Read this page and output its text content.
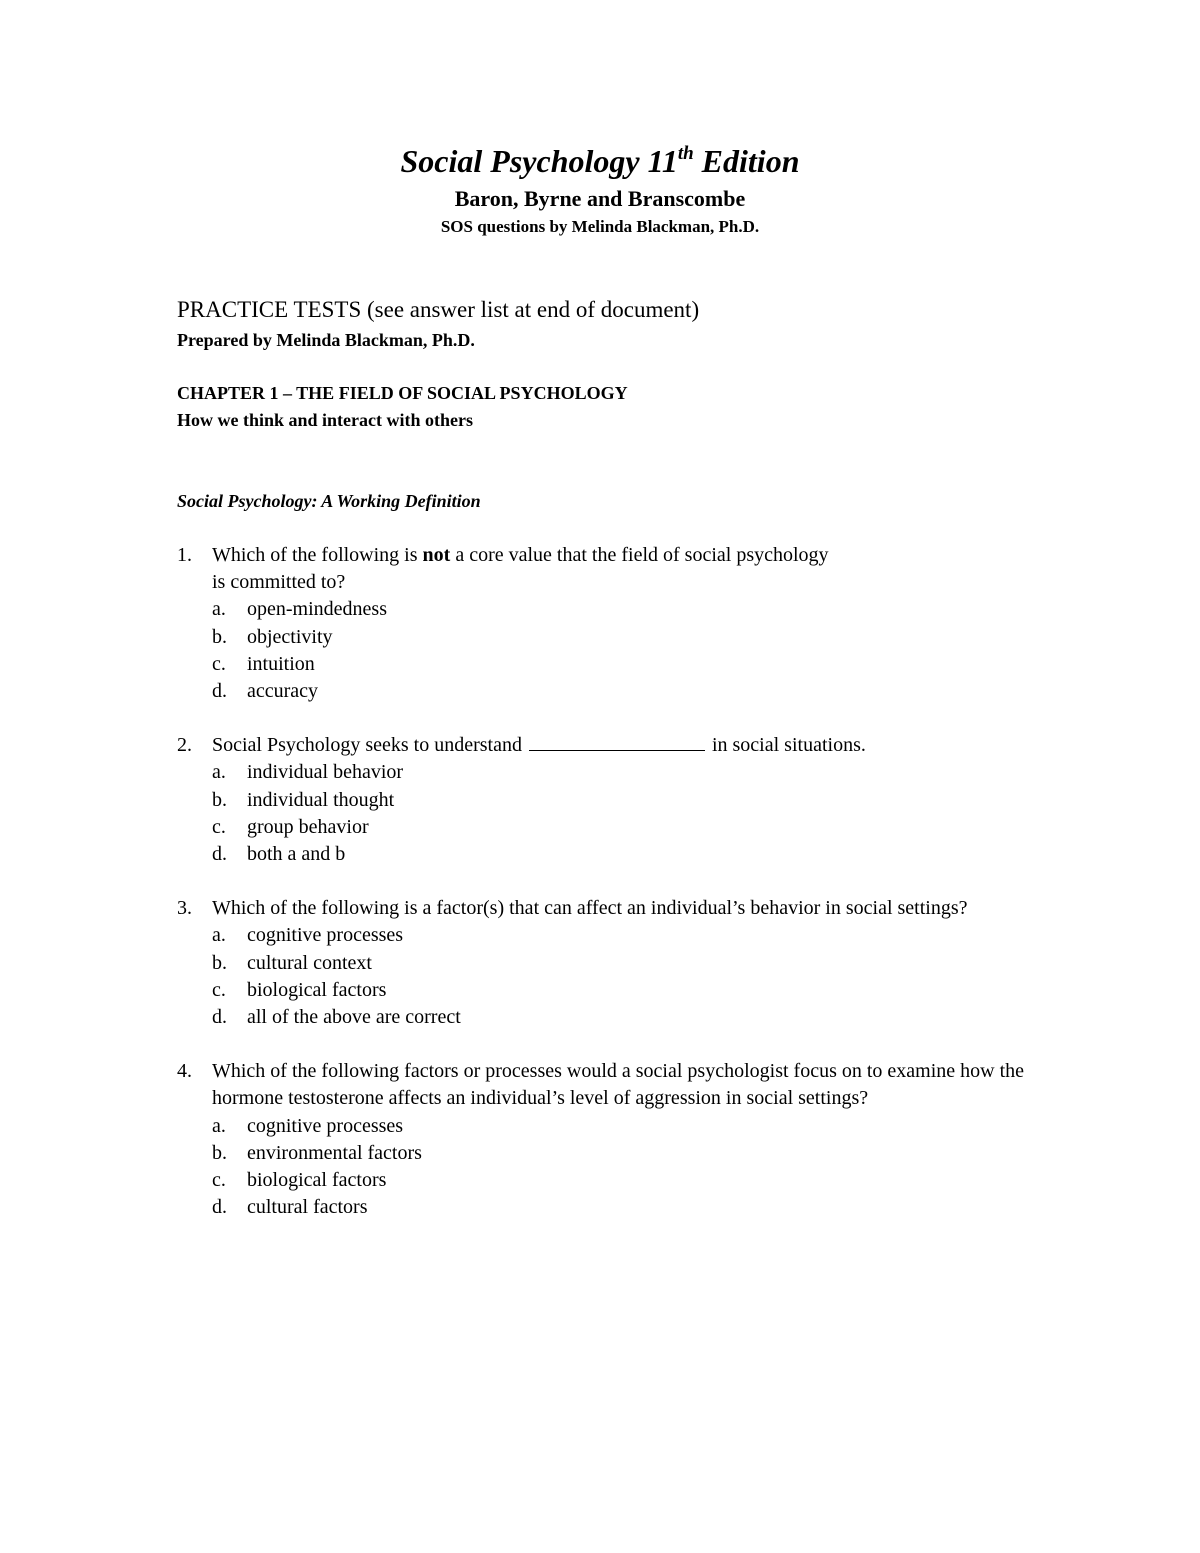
Social Psychology 11th Edition
Baron, Byrne and Branscombe
SOS questions by Melinda Blackman, Ph.D.
PRACTICE TESTS (see answer list at end of document)
Prepared by Melinda Blackman, Ph.D.
CHAPTER 1 – THE FIELD OF SOCIAL PSYCHOLOGY
How we think and interact with others
Social Psychology: A Working Definition
1. Which of the following is not a core value that the field of social psychology
is committed to?
a. open-mindedness
b. objectivity
c. intuition
d. accuracy
2. Social Psychology seeks to understand	in social situations.
a. individual behavior
b. individual thought
c. group behavior
d. both a and b
3. Which of the following is a factor(s) that can affect an individual’s behavior in social settings?
a. cognitive processes
b. cultural context
c. biological factors
d. all of the above are correct
4. Which of the following factors or processes would a social psychologist focus on to examine how the hormone testosterone affects an individual’s level of aggression in social settings?
a. cognitive processes
b. environmental factors
c. biological factors
d. cultural factors
